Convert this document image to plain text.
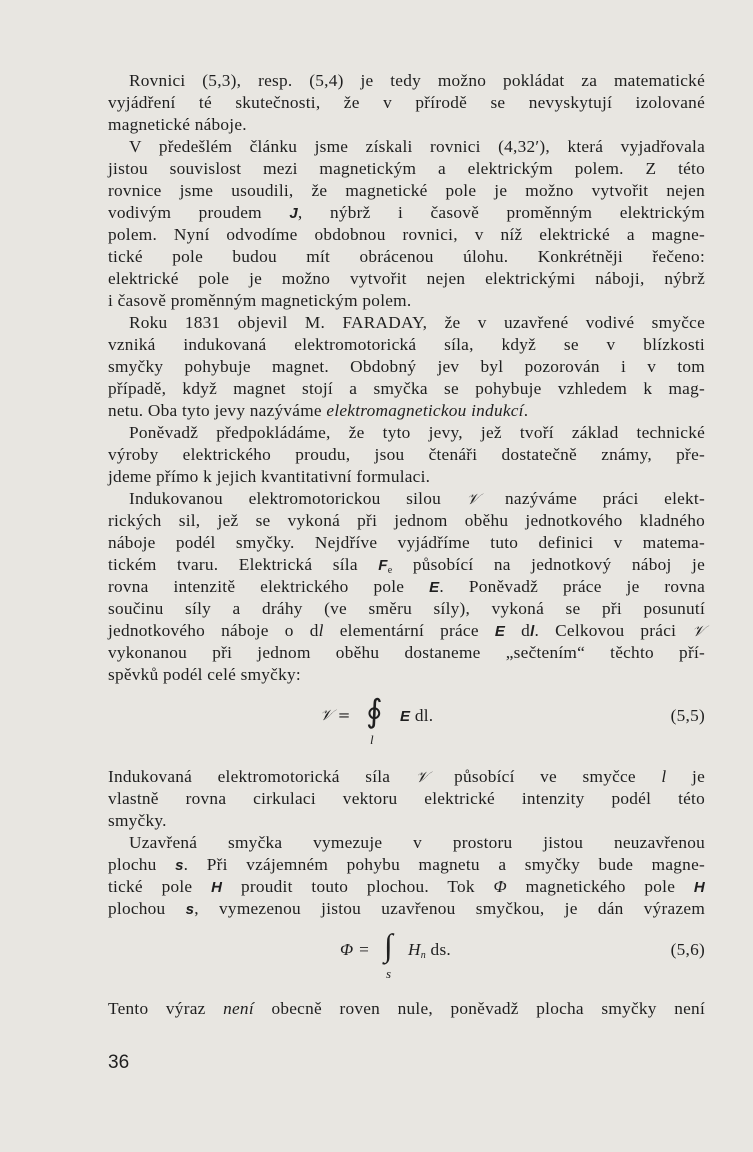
Rovnici (5,3), resp. (5,4) je tedy možno pokládat za matematické
vyjádření té skutečnosti, že v přírodě se nevyskytují izolované
magnetické náboje.
V předešlém článku jsme získali rovnici (4,32′), která vyjadřovala
jistou souvislost mezi magnetickým a elektrickým polem. Z této
rovnice jsme usoudili, že magnetické pole je možno vytvořit nejen
vodivým proudem J, nýbrž i časově proměnným elektrickým
polem. Nyní odvodíme obdobnou rovnici, v níž elektrické a magne-
tické pole budou mít obrácenou úlohu. Konkrétněji řečeno:
elektrické pole je možno vytvořit nejen elektrickými náboji, nýbrž
i časově proměnným magnetickým polem.
Roku 1831 objevil M. FARADAY, že v uzavřené vodivé smyčce
vzniká indukovaná elektromotorická síla, když se v blízkosti
smyčky pohybuje magnet. Obdobný jev byl pozorován i v tom
případě, když magnet stojí a smyčka se pohybuje vzhledem k mag-
netu. Oba tyto jevy nazýváme elektromagnetickou indukcí.
Poněvadž předpokládáme, že tyto jevy, jež tvoří základ technické
výroby elektrického proudu, jsou čtenáři dostatečně známy, pře-
jdeme přímo k jejich kvantitativní formulaci.
Indukovanou elektromotorickou silou 𝒱 nazýváme práci elekt-
rických sil, jež se vykoná při jednom oběhu jednotkového kladného
náboje podél smyčky. Nejdříve vyjádříme tuto definici v matema-
tickém tvaru. Elektrická síla $F_e$ působící na jednotkový náboj je
rovna intenzitě elektrického pole E. Poněvadž práce je rovna
součinu síly a dráhy (ve směru síly), vykoná se při posunutí
jednotkového náboje o dl elementární práce E dl. Celkovou práci 𝒱
vykonanou při jednom oběhu dostaneme „sečtením“ těchto pří-
spěvků podél celé smyčky:
𝒱 = ∮
l
E dl.	(5,5)
Indukovaná elektromotorická síla 𝒱 působící ve smyčce l je
vlastně rovna cirkulaci vektoru elektrické intenzity podél této
smyčky.
Uzavřená smyčka vymezuje v prostoru jistou neuzavřenou
plochu s. Při vzájemném pohybu magnetu a smyčky bude magne-
tické pole H proudit touto plochou. Tok Φ magnetického pole H
plochou s, vymezenou jistou uzavřenou smyčkou, je dán výrazem
Φ = ∫
s
$H_n$ ds.	(5,6)
Tento výraz není obecně roven nule, poněvadž plocha smyčky není
36
